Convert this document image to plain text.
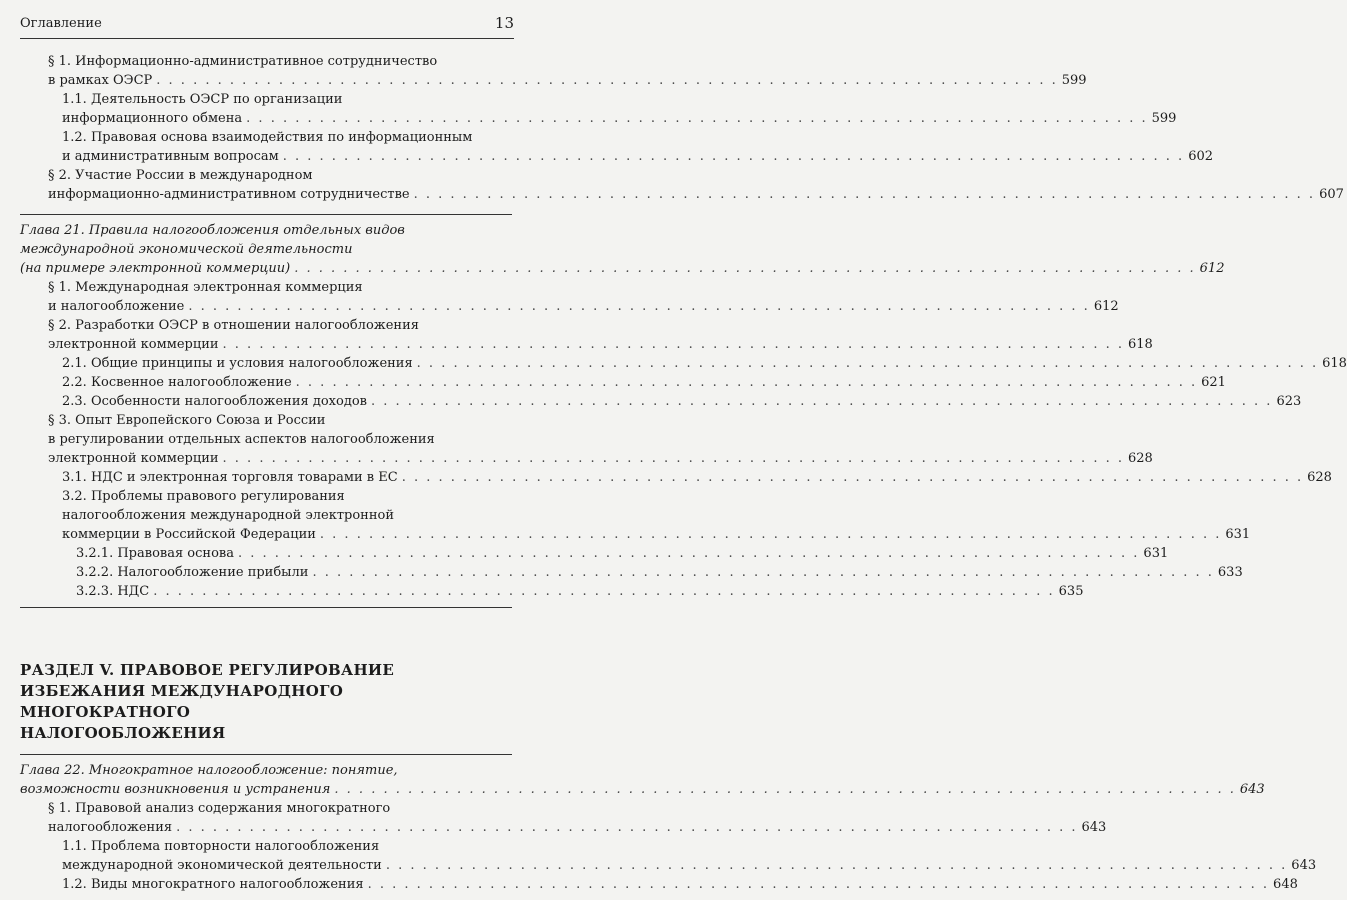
Оглавление	13
§ 1. Информационно-административное сотрудничество
в рамках ОЭСР . . .	599
1.1. Деятельность ОЭСР по организации
информационного обмена . . .	599
1.2. Правовая основа взаимодействия по информационным
и административным вопросам . . .	602
§ 2. Участие России в международном
информационно-административном сотрудничестве . . .	607
Глава 21. Правила налогообложения отдельных видов
международной экономической деятельности
(на примере электронной коммерции) . . .	612
§ 1. Международная электронная коммерция
и налогообложение . . .	612
§ 2. Разработки ОЭСР в отношении налогообложения
электронной коммерции . . .	618
2.1. Общие принципы и условия налогообложения . . .	618
2.2. Косвенное налогообложение . . .	621
2.3. Особенности налогообложения доходов . . .	623
§ 3. Опыт Европейского Союза и России
в регулировании отдельных аспектов налогообложения
электронной коммерции . . .	628
3.1. НДС и электронная торговля товарами в ЕС . . .	628
3.2. Проблемы правового регулирования
налогообложения международной электронной
коммерции в Российской Федерации . . .	631
3.2.1. Правовая основа . . .	631
3.2.2. Налогообложение прибыли . . .	633
3.2.3. НДС . . .	635
РАЗДЕЛ V. ПРАВОВОЕ РЕГУЛИРОВАНИЕ
ИЗБЕЖАНИЯ МЕЖДУНАРОДНОГО МНОГОКРАТНОГО
НАЛОГООБЛОЖЕНИЯ
Глава 22. Многократное налогообложение: понятие,
возможности возникновения и устранения . . .	643
§ 1. Правовой анализ содержания многократного
налогообложения . . .	643
1.1. Проблема повторности налогообложения
международной экономической деятельности . . .	643
1.2. Виды многократного налогообложения . . .	648
